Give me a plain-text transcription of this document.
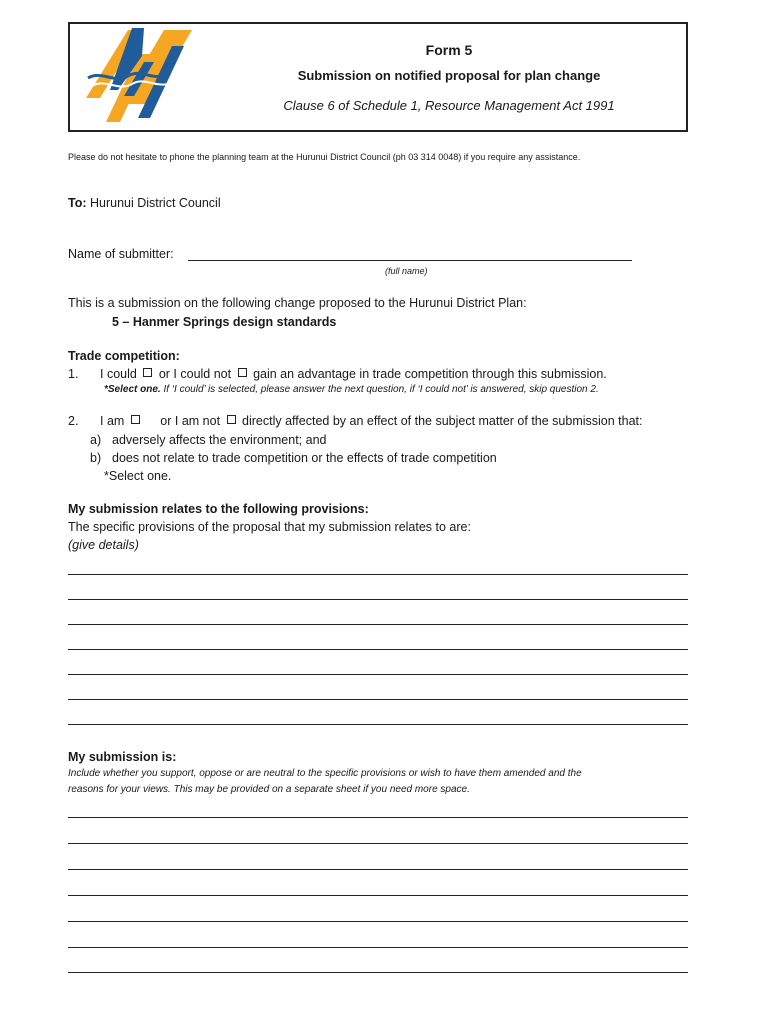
Form 5
Submission on notified proposal for plan change
Clause 6 of Schedule 1, Resource Management Act 1991
Please do not hesitate to phone the planning team at the Hurunui District Council (ph 03 314 0048) if you require any assistance.
To: Hurunui District Council
Name of submitter:
(full name)
This is a submission on the following change proposed to the Hurunui District Plan:
5 – Hanmer Springs design standards
Trade competition:
1. I could or I could not gain an advantage in trade competition through this submission.
*Select one. If ‘I could’ is selected, please answer the next question, if ‘I could not’ is answered, skip question 2.
2. I am	or I am not directly affected by an effect of the subject matter of the submission that:
a) adversely affects the environment; and
b) does not relate to trade competition or the effects of trade competition
*Select one.
My submission relates to the following provisions:
The specific provisions of the proposal that my submission relates to are:
(give details)
My submission is:
Include whether you support, oppose or are neutral to the specific provisions or wish to have them amended and the
reasons for your views. This may be provided on a separate sheet if you need more space.
